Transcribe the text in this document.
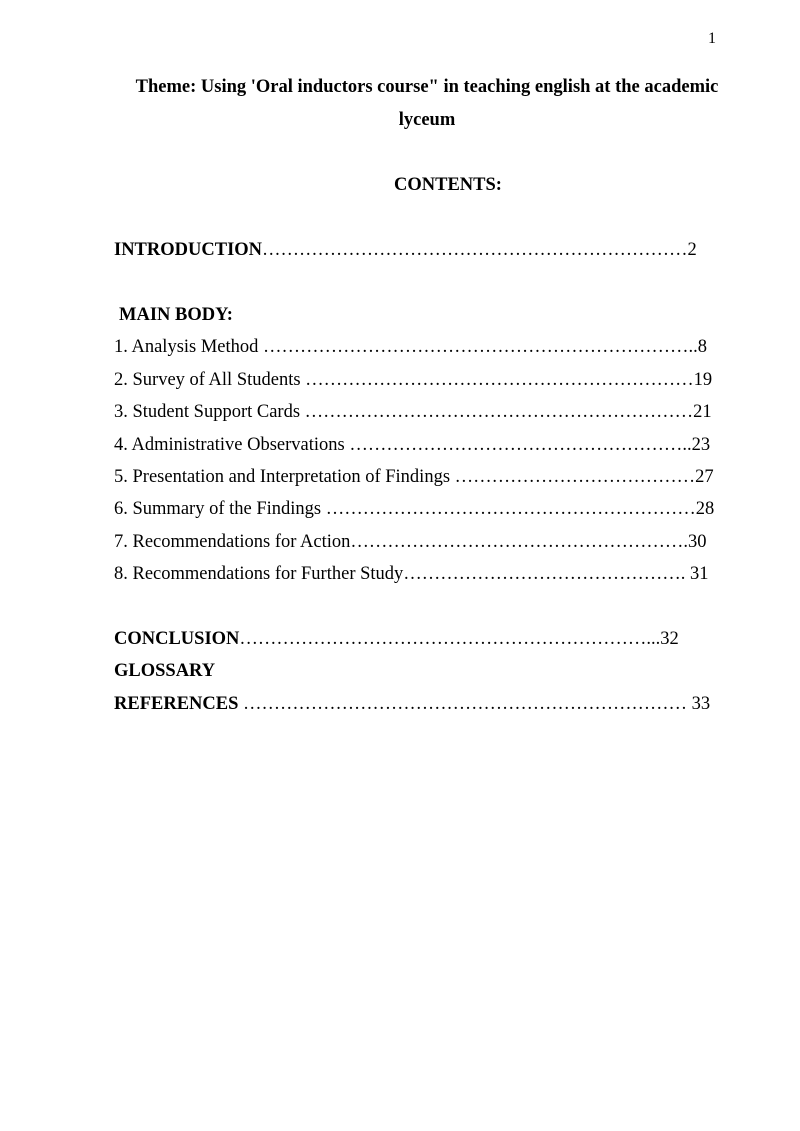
1
Theme: Using 'Oral inductors course" in teaching english at the academic lyceum
CONTENTS:
INTRODUCTION……………………………………………………………2
MAIN BODY:
1. Analysis Method ……………………………………………………………..8
2. Survey of All Students ………………………………………………………19
3. Student Support Cards ………………………………………………………21
4. Administrative Observations ………………………………………………..23
5. Presentation and Interpretation of Findings …………………………………27
6. Summary of the Findings ……………………………………………………28
7. Recommendations for Action……………………………………………….30
8. Recommendations for Further Study………………………………………. 31
CONCLUSION…………………………………………………………...32
GLOSSARY
REFERENCES ……………………………………………………………… 33
